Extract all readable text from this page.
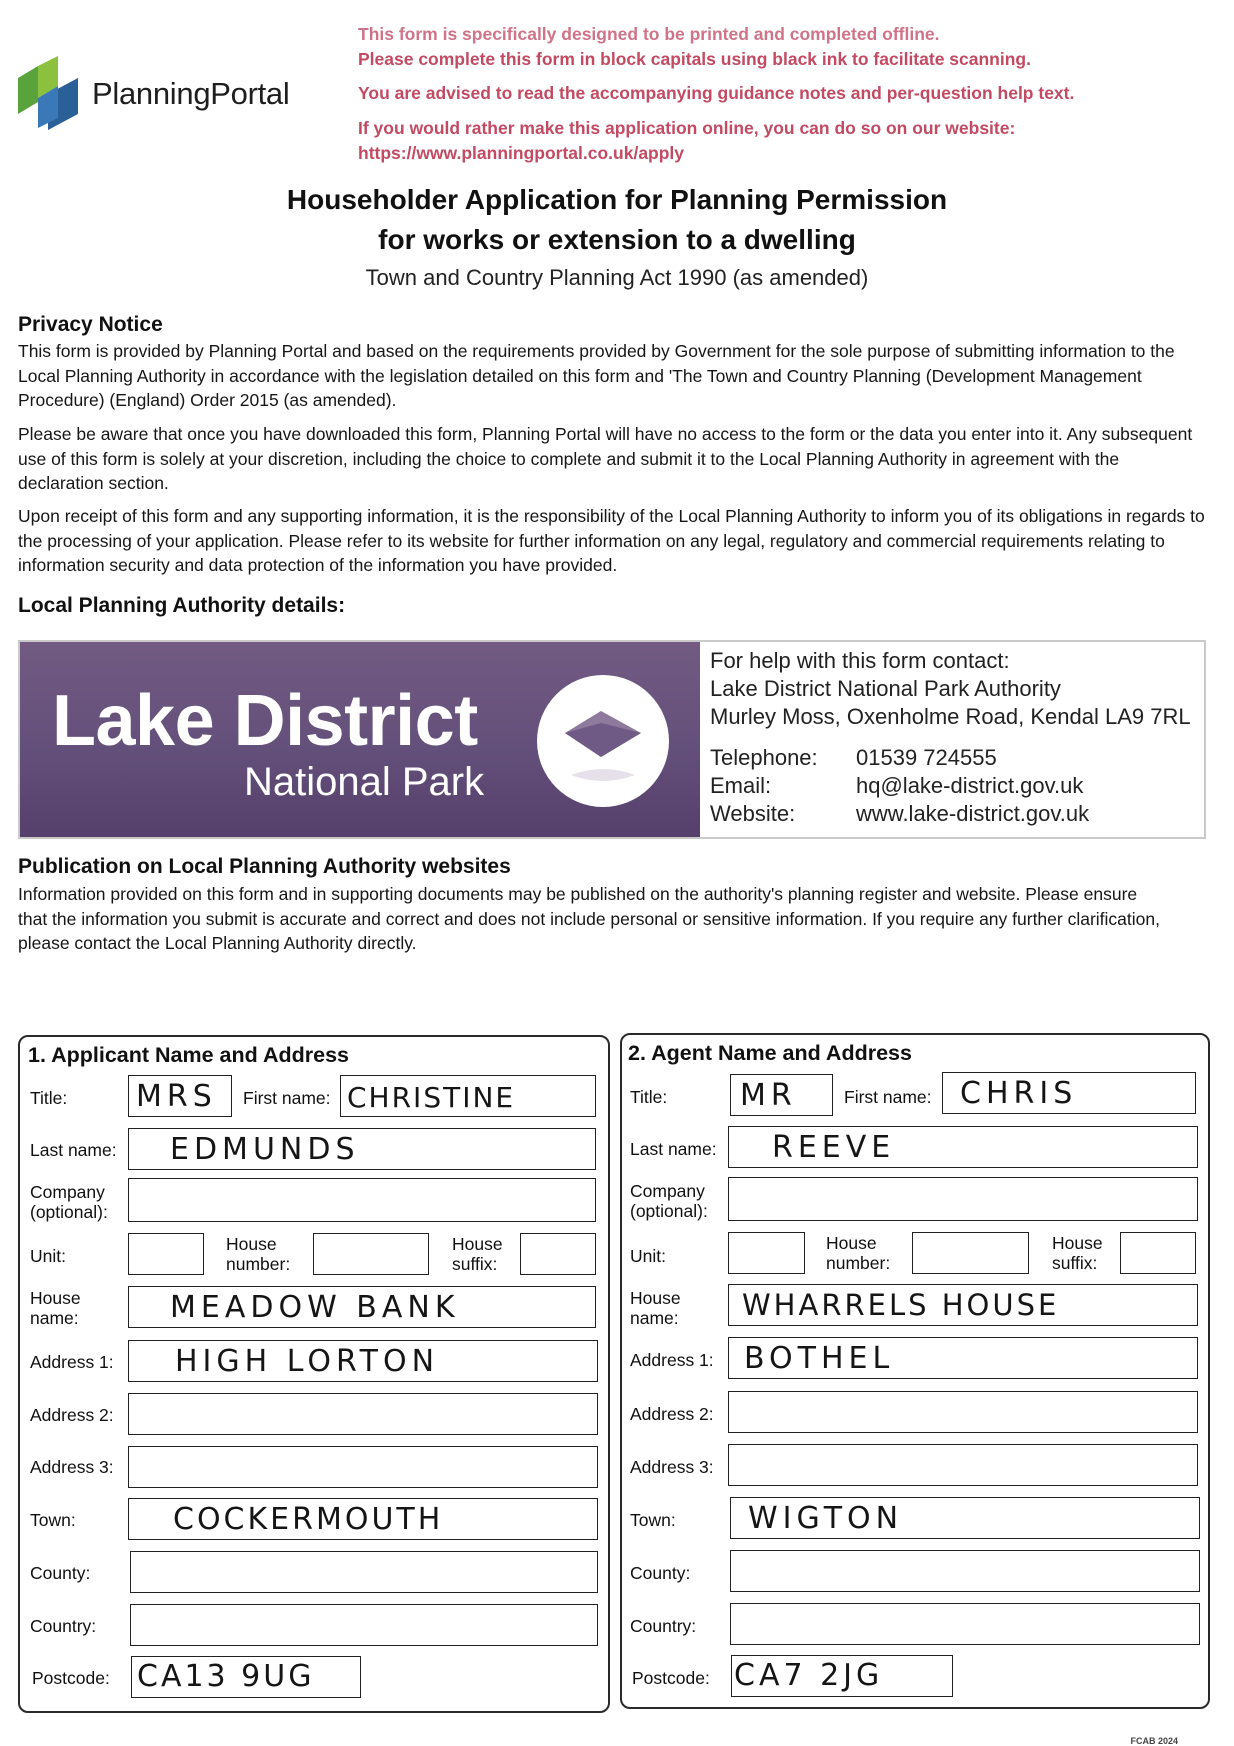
PlanningPortal
This form is specifically designed to be printed and completed offline.
Please complete this form in block capitals using black ink to facilitate scanning.
You are advised to read the accompanying guidance notes and per-question help text.
If you would rather make this application online, you can do so on our website:
https://www.planningportal.co.uk/apply
Householder Application for Planning Permission
for works or extension to a dwelling
Town and Country Planning Act 1990 (as amended)
Privacy Notice
This form is provided by Planning Portal and based on the requirements provided by Government for the sole purpose of submitting information to the Local Planning Authority in accordance with the legislation detailed on this form and 'The Town and Country Planning (Development Management Procedure) (England) Order 2015 (as amended).
Please be aware that once you have downloaded this form, Planning Portal will have no access to the form or the data you enter into it. Any subsequent use of this form is solely at your discretion, including the choice to complete and submit it to the Local Planning Authority in agreement with the declaration section.
Upon receipt of this form and any supporting information, it is the responsibility of the Local Planning Authority to inform you of its obligations in regards to the processing of your application. Please refer to its website for further information on any legal, regulatory and commercial requirements relating to information security and data protection of the information you have provided.
Local Planning Authority details:
Lake District
National Park
For help with this form contact:
Lake District National Park Authority
Murley Moss, Oxenholme Road, Kendal LA9 7RL
Telephone: 01539 724555
Email:	hq@lake-district.gov.uk
Website:	www.lake-district.gov.uk
Publication on Local Planning Authority websites
Information provided on this form and in supporting documents may be published on the authority's planning register and website. Please ensure that the information you submit is accurate and correct and does not include personal or sensitive information. If you require any further clarification, please contact the Local Planning Authority directly.
1. Applicant Name and Address
Title: MRS First name: CHRISTINE
Last name: EDMUNDS
Company
(optional):
Unit:
House
number:
House
suffix:
House
name:	MEADOW BANK
Address 1: HIGH LORTON
Address 2:
Address 3:
Town:	COCKERMOUTH
County:
Country:
Postcode: CA13 9UG
2. Agent Name and Address
Title: MR	First name: CHRIS
Last name: REEVE
Company
(optional):
Unit:
House
number:
House
suffix:
House
name: WHARRELS HOUSE
Address 1: BOTHEL
Address 2:
Address 3:
Town: WIGTON
County:
Country:
Postcode: CA7 2JG
FCAB 2024
